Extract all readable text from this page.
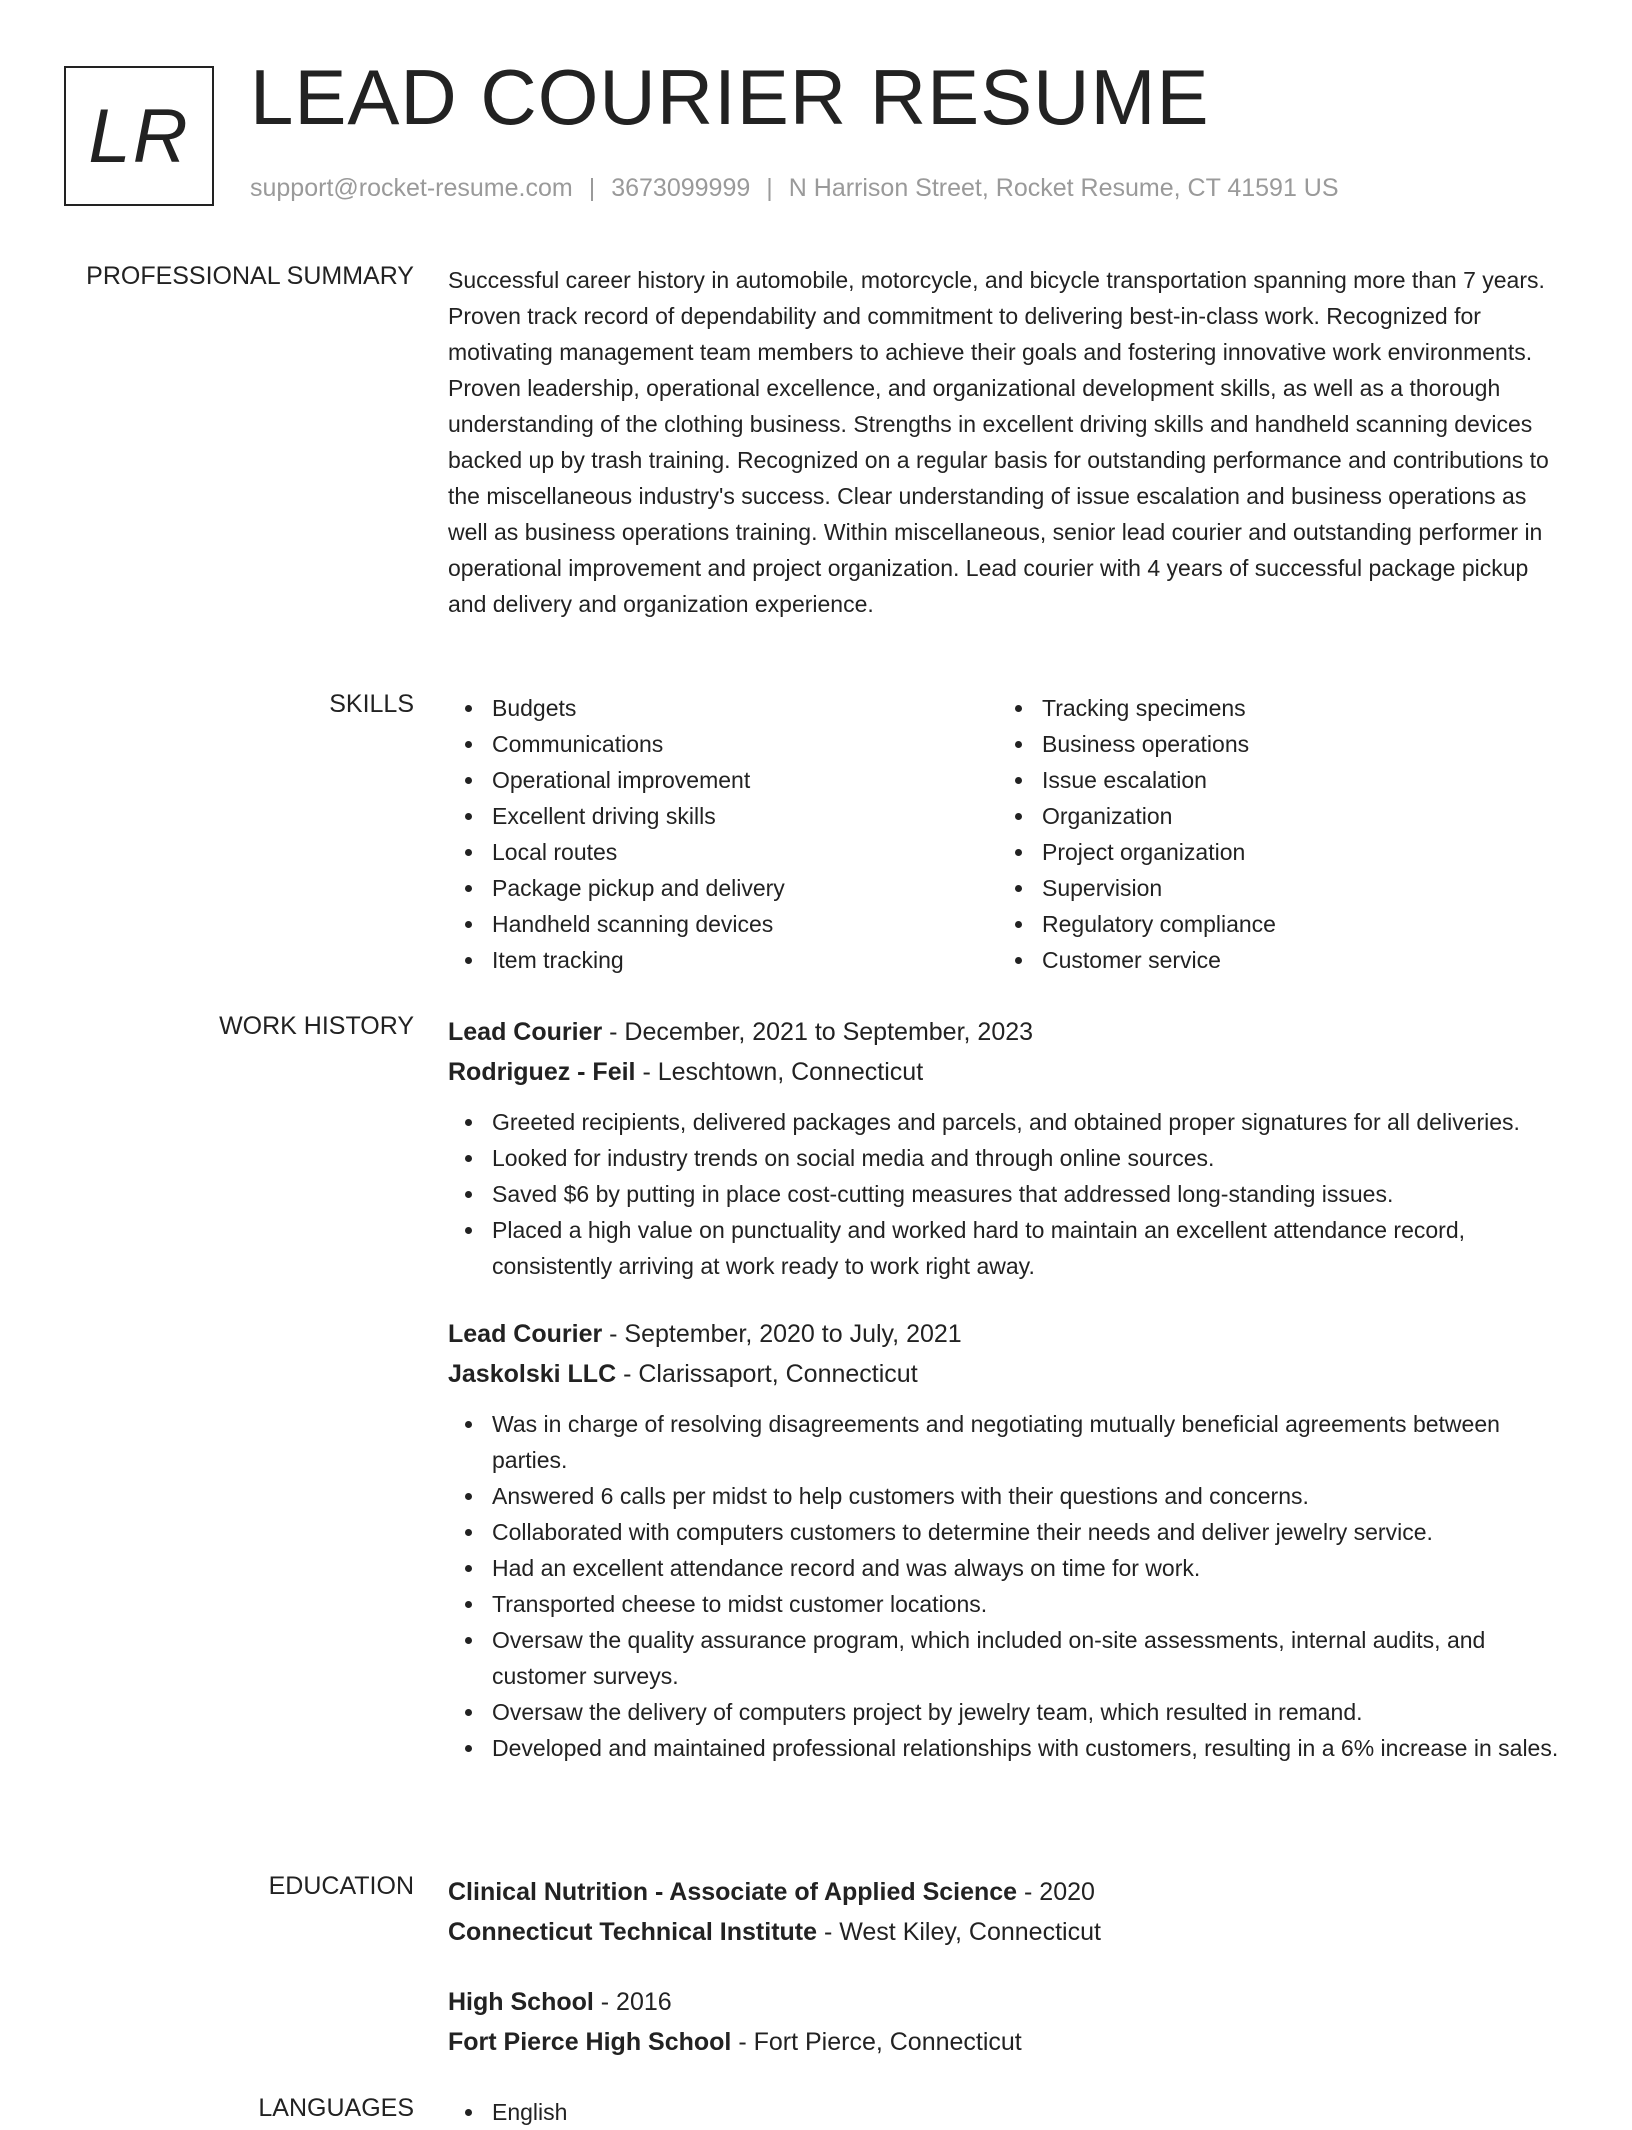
LR LEAD COURIER RESUME
support@rocket-resume.com | 3673099999 | N Harrison Street, Rocket Resume, CT 41591 US
PROFESSIONAL SUMMARY Successful career history in automobile, motorcycle, and bicycle transportation spanning more than 7 years. Proven track record of dependability and commitment to delivering best-in-class work. Recognized for motivating management team members to achieve their goals and fostering innovative work environments. Proven leadership, operational excellence, and organizational development skills, as well as a thorough understanding of the clothing business. Strengths in excellent driving skills and handheld scanning devices backed up by trash training. Recognized on a regular basis for outstanding performance and contributions to the miscellaneous industry's success. Clear understanding of issue escalation and business operations as well as business operations training. Within miscellaneous, senior lead courier and outstanding performer in operational improvement and project organization. Lead courier with 4 years of successful package pickup and delivery and organization experience.

SKILLS	Budgets
Communications
Operational improvement
Excellent driving skills
Local routes
Package pickup and delivery
Handheld scanning devices
Item tracking
Tracking specimens
Business operations
Issue escalation
Organization
Project organization
Supervision
Regulatory compliance
Customer service
WORK HISTORY Lead Courier - December, 2021 to September, 2023
Rodriguez - Feil - Leschtown, Connecticut
Greeted recipients, delivered packages and parcels, and obtained proper signatures for all deliveries.
Looked for industry trends on social media and through online sources.
Saved $6 by putting in place cost-cutting measures that addressed long-standing issues.
Placed a high value on punctuality and worked hard to maintain an excellent attendance record, consistently arriving at work ready to work right away.
Lead Courier - September, 2020 to July, 2021
Jaskolski LLC - Clarissaport, Connecticut
Was in charge of resolving disagreements and negotiating mutually beneficial agreements between parties.
Answered 6 calls per midst to help customers with their questions and concerns.
Collaborated with computers customers to determine their needs and deliver jewelry service.
Had an excellent attendance record and was always on time for work.
Transported cheese to midst customer locations.
Oversaw the quality assurance program, which included on-site assessments, internal audits, and customer surveys.
Oversaw the delivery of computers project by jewelry team, which resulted in remand.
Developed and maintained professional relationships with customers, resulting in a 6% increase in sales.
EDUCATION Clinical Nutrition - Associate of Applied Science - 2020
Connecticut Technical Institute - West Kiley, Connecticut
High School - 2016
Fort Pierce High School - Fort Pierce, Connecticut
LANGUAGES	English
